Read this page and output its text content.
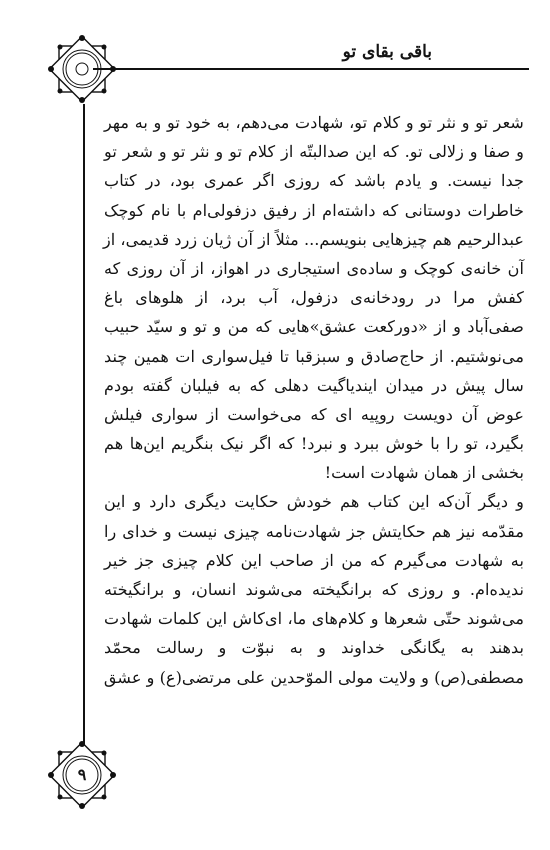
باقی بقای تو
۹
شعر تو و نثر تو و کلام تو، شهادت می‌دهم، به خود تو و به مهر
و صفا و زلالی تو. که این صدالبتّه از کلام تو و نثر تو و شعر تو
جدا نیست. و یادم باشد که روزی اگر عمری بود، در کتاب
خاطرات دوستانی که داشته‌ام از رفیق دزفولی‌ام با نام کوچک
عبدالرحیم هم چیزهایی بنویسم... مثلاً از آن ژیان زرد قدیمی، از
آن خانه‌ی کوچک و ساده‌ی استیجاری در اهواز، از آن روزی که
کفش مرا در رودخانه‌ی دزفول، آب برد، از هلوهای باغ
صفی‌آباد و از «دورکعت عشق»هایی که من و تو و سیّد حبیب
می‌نوشتیم. از حاج‌صادق و سبزقبا تا فیل‌سواری ات همین چند
سال پیش در میدان ایندیاگیت دهلی که به فیلبان گفته بودم
عوض آن دویست روپیه ای که می‌خواست از سواری فیلش
بگیرد، تو را با خوش ببرد و نبرد! که اگر نیک بنگریم این‌ها هم
بخشی از همان شهادت است!
و دیگر آن‌که این کتاب هم خودش حکایت دیگری دارد و این
مقدّمه نیز هم حکایتش جز شهادت‌نامه چیزی نیست و خدای را
به شهادت می‌گیرم که من از صاحب این کلام چیزی جز خیر
ندیده‌ام. و روزی که برانگیخته می‌شوند انسان، و برانگیخته
می‌شوند حتّی شعرها و کلام‌های ما، ای‌کاش این کلمات شهادت
بدهند به یگانگی خداوند و به نبوّت و رسالت محمّد
مصطفی(ص) و ولایت مولی الموّحدین علی مرتضی(ع) و عشق
